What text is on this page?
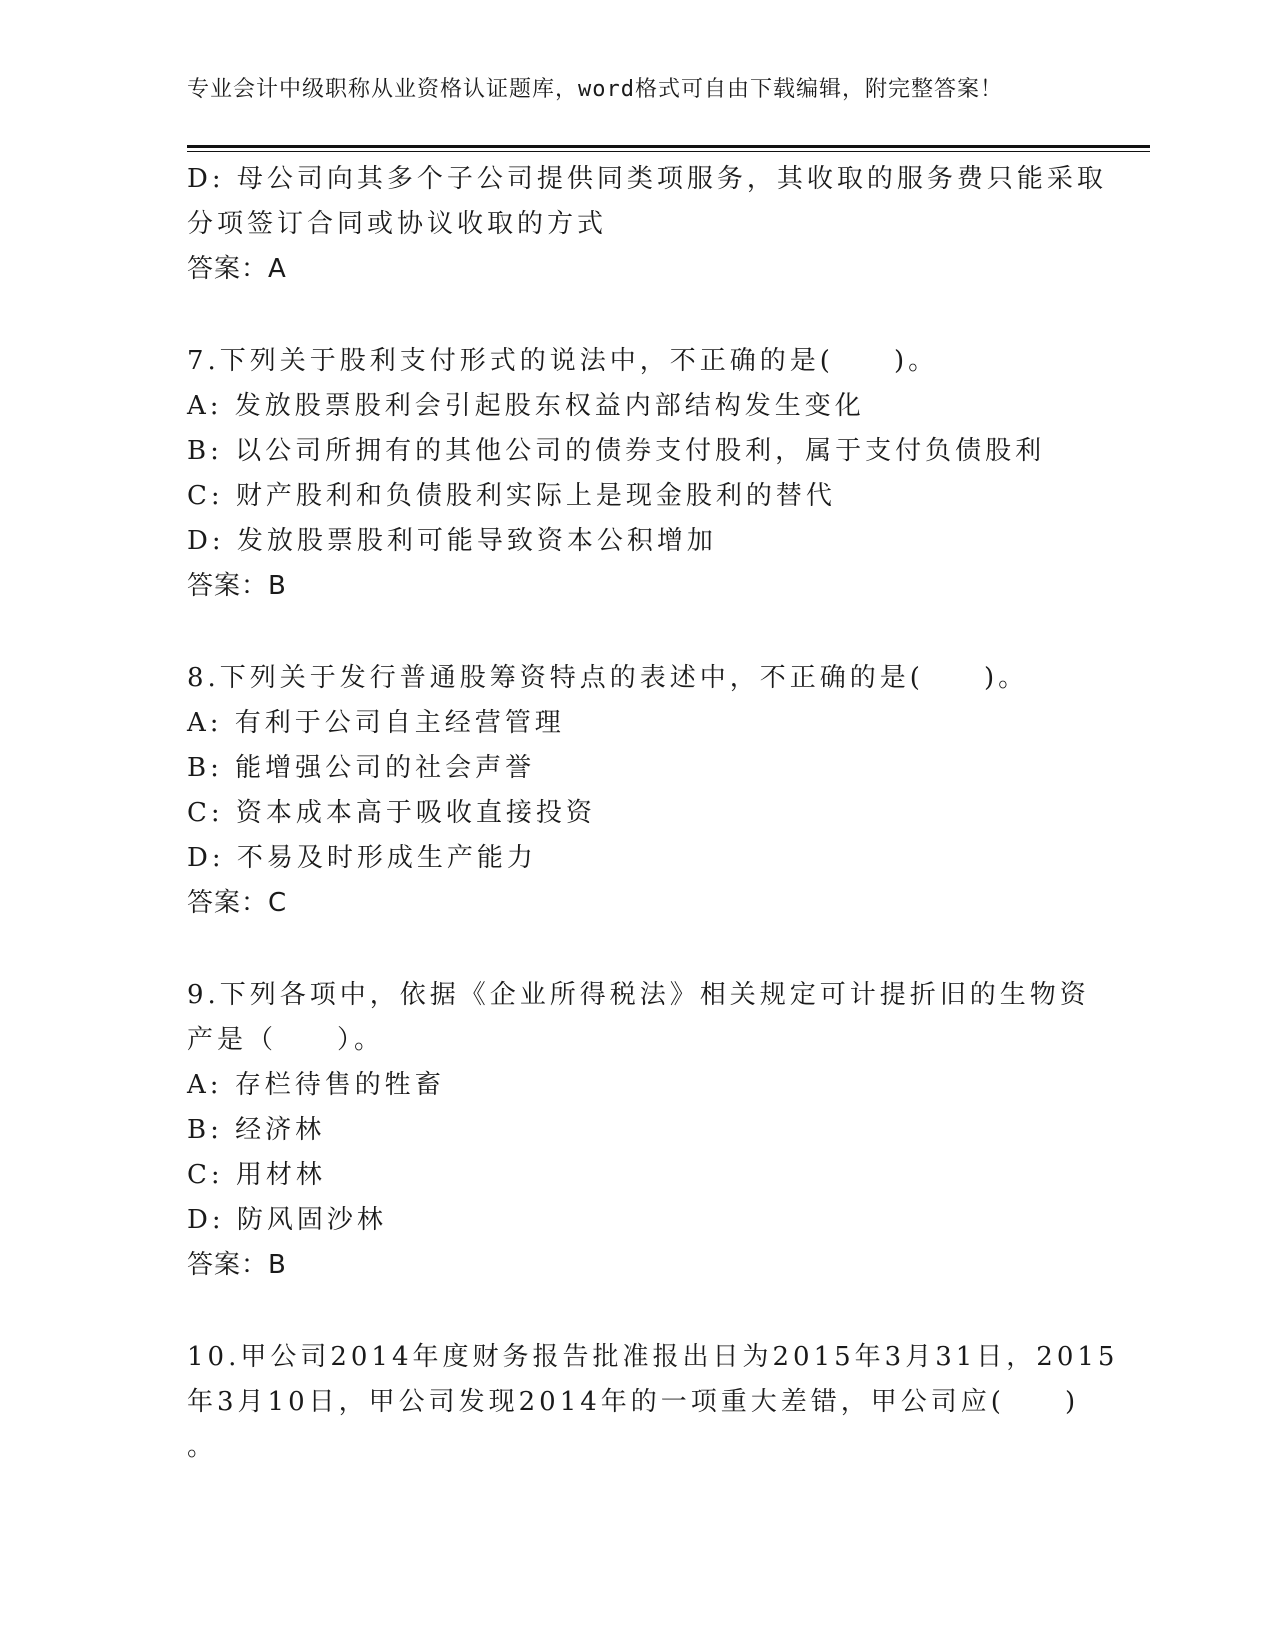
专业会计中级职称从业资格认证题库，word格式可自由下载编辑，附完整答案！
D: 母公司向其多个子公司提供同类项服务，其收取的服务费只能采取
分项签订合同或协议收取的方式
答案：A
7.下列关于股利支付形式的说法中，不正确的是(　　)。
A: 发放股票股利会引起股东权益内部结构发生变化
B: 以公司所拥有的其他公司的债券支付股利，属于支付负债股利
C: 财产股利和负债股利实际上是现金股利的替代
D: 发放股票股利可能导致资本公积增加
答案：B
8.下列关于发行普通股筹资特点的表述中，不正确的是(　　)。
A: 有利于公司自主经营管理
B: 能增强公司的社会声誉
C: 资本成本高于吸收直接投资
D: 不易及时形成生产能力
答案：C
9.下列各项中，依据《企业所得税法》相关规定可计提折旧的生物资
产是（　　）。
A: 存栏待售的牲畜
B: 经济林
C: 用材林
D: 防风固沙林
答案：B
10.甲公司2014年度财务报告批准报出日为2015年3月31日，2015
年3月10日，甲公司发现2014年的一项重大差错，甲公司应(　　)
。
